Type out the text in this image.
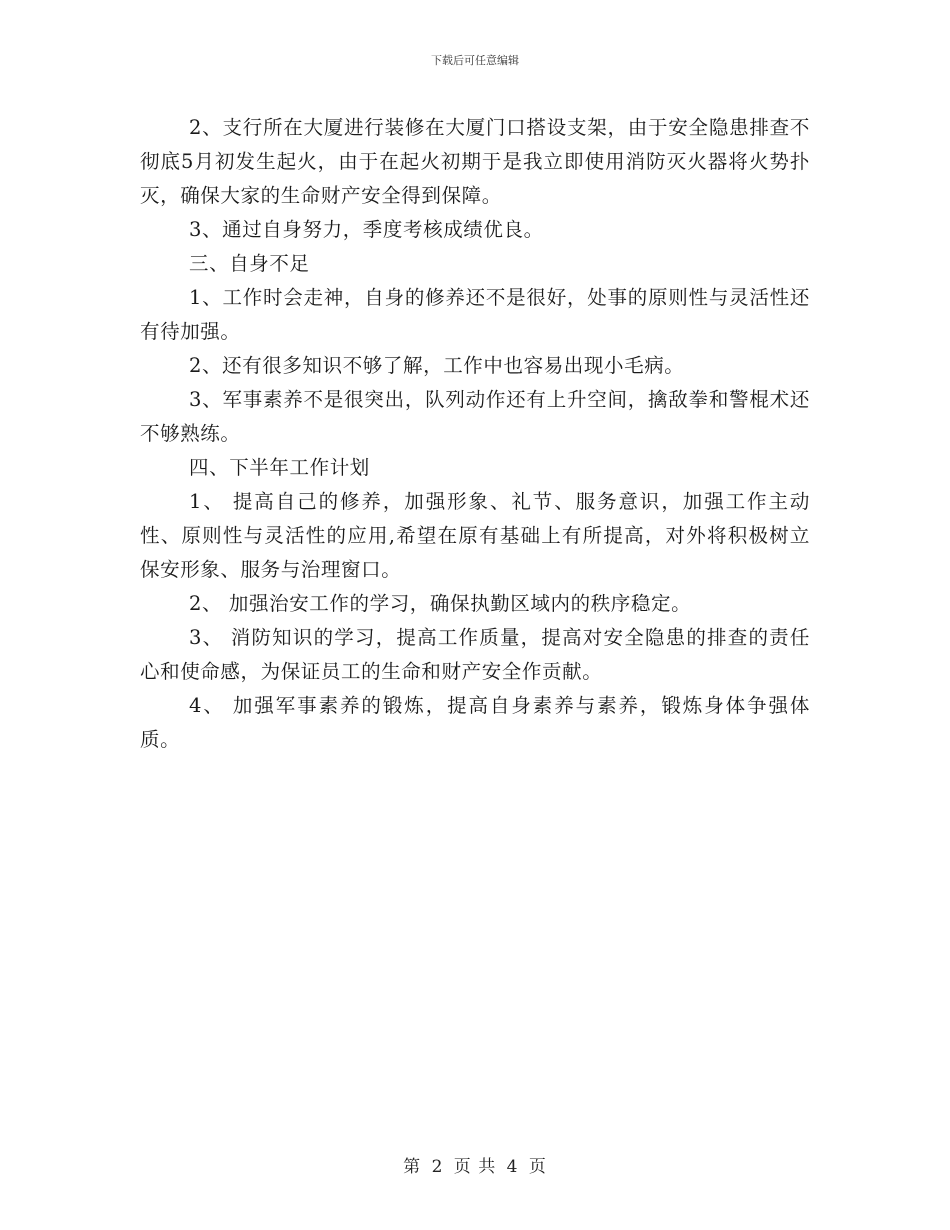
下载后可任意编辑

2、支行所在大厦进行装修在大厦门口搭设支架，由于安全隐患排查不彻底5月初发生起火，由于在起火初期于是我立即使用消防灭火器将火势扑灭，确保大家的生命财产安全得到保障。

3、通过自身努力，季度考核成绩优良。

三、自身不足

1、工作时会走神，自身的修养还不是很好，处事的原则性与灵活性还有待加强。

2、还有很多知识不够了解，工作中也容易出现小毛病。

3、军事素养不是很突出，队列动作还有上升空间，擒敌拳和警棍术还不够熟练。

四、下半年工作计划

1、 提高自己的修养，加强形象、礼节、服务意识，加强工作主动性、原则性与灵活性的应用,希望在原有基础上有所提高，对外将积极树立保安形象、服务与治理窗口。

2、 加强治安工作的学习，确保执勤区域内的秩序稳定。

3、 消防知识的学习，提高工作质量，提高对安全隐患的排查的责任心和使命感，为保证员工的生命和财产安全作贡献。

4、 加强军事素养的锻炼，提高自身素养与素养，锻炼身体争强体质。

第 2 页 共 4 页
